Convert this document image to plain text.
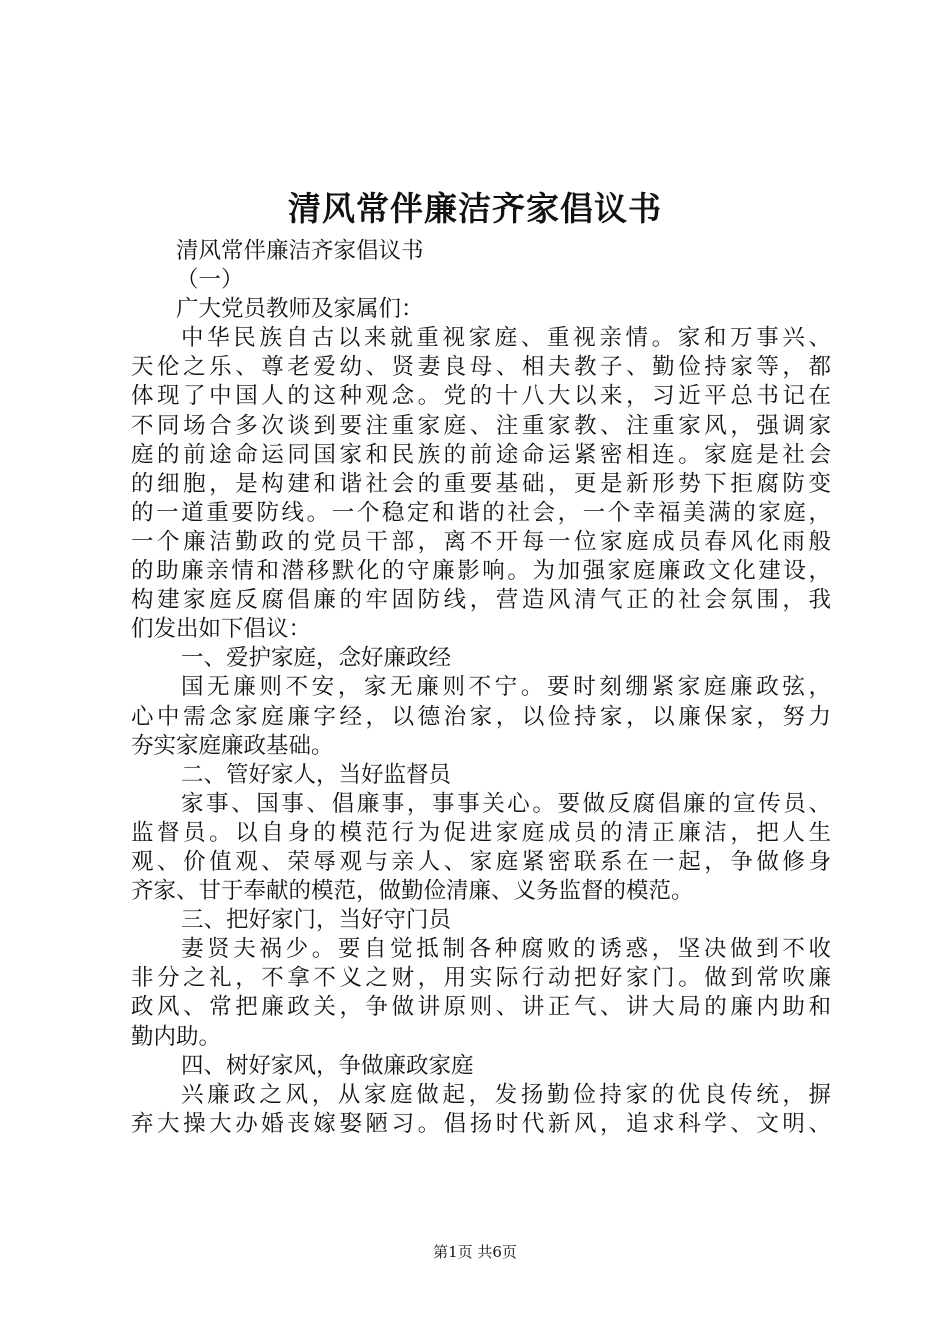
清风常伴廉洁齐家倡议书
清风常伴廉洁齐家倡议书
（一）
广大党员教师及家属们：
中华民族自古以来就重视家庭、重视亲情。家和万事兴、
天伦之乐、尊老爱幼、贤妻良母、相夫教子、勤俭持家等，都
体现了中国人的这种观念。党的十八大以来，习近平总书记在
不同场合多次谈到要注重家庭、注重家教、注重家风，强调家
庭的前途命运同国家和民族的前途命运紧密相连。家庭是社会
的细胞，是构建和谐社会的重要基础，更是新形势下拒腐防变
的一道重要防线。一个稳定和谐的社会，一个幸福美满的家庭，
一个廉洁勤政的党员干部，离不开每一位家庭成员春风化雨般
的助廉亲情和潜移默化的守廉影响。为加强家庭廉政文化建设，
构建家庭反腐倡廉的牢固防线，营造风清气正的社会氛围，我
们发出如下倡议：
一、爱护家庭，念好廉政经
国无廉则不安，家无廉则不宁。要时刻绷紧家庭廉政弦，
心中需念家庭廉字经，以德治家，以俭持家，以廉保家，努力
夯实家庭廉政基础。
二、管好家人，当好监督员
家事、国事、倡廉事，事事关心。要做反腐倡廉的宣传员、
监督员。以自身的模范行为促进家庭成员的清正廉洁，把人生
观、价值观、荣辱观与亲人、家庭紧密联系在一起，争做修身
齐家、甘于奉献的模范，做勤俭清廉、义务监督的模范。
三、把好家门，当好守门员
妻贤夫祸少。要自觉抵制各种腐败的诱惑，坚决做到不收
非分之礼，不拿不义之财，用实际行动把好家门。做到常吹廉
政风、常把廉政关，争做讲原则、讲正气、讲大局的廉内助和
勤内助。
四、树好家风，争做廉政家庭
兴廉政之风，从家庭做起，发扬勤俭持家的优良传统，摒
弃大操大办婚丧嫁娶陋习。倡扬时代新风，追求科学、文明、
第1页 共6页
